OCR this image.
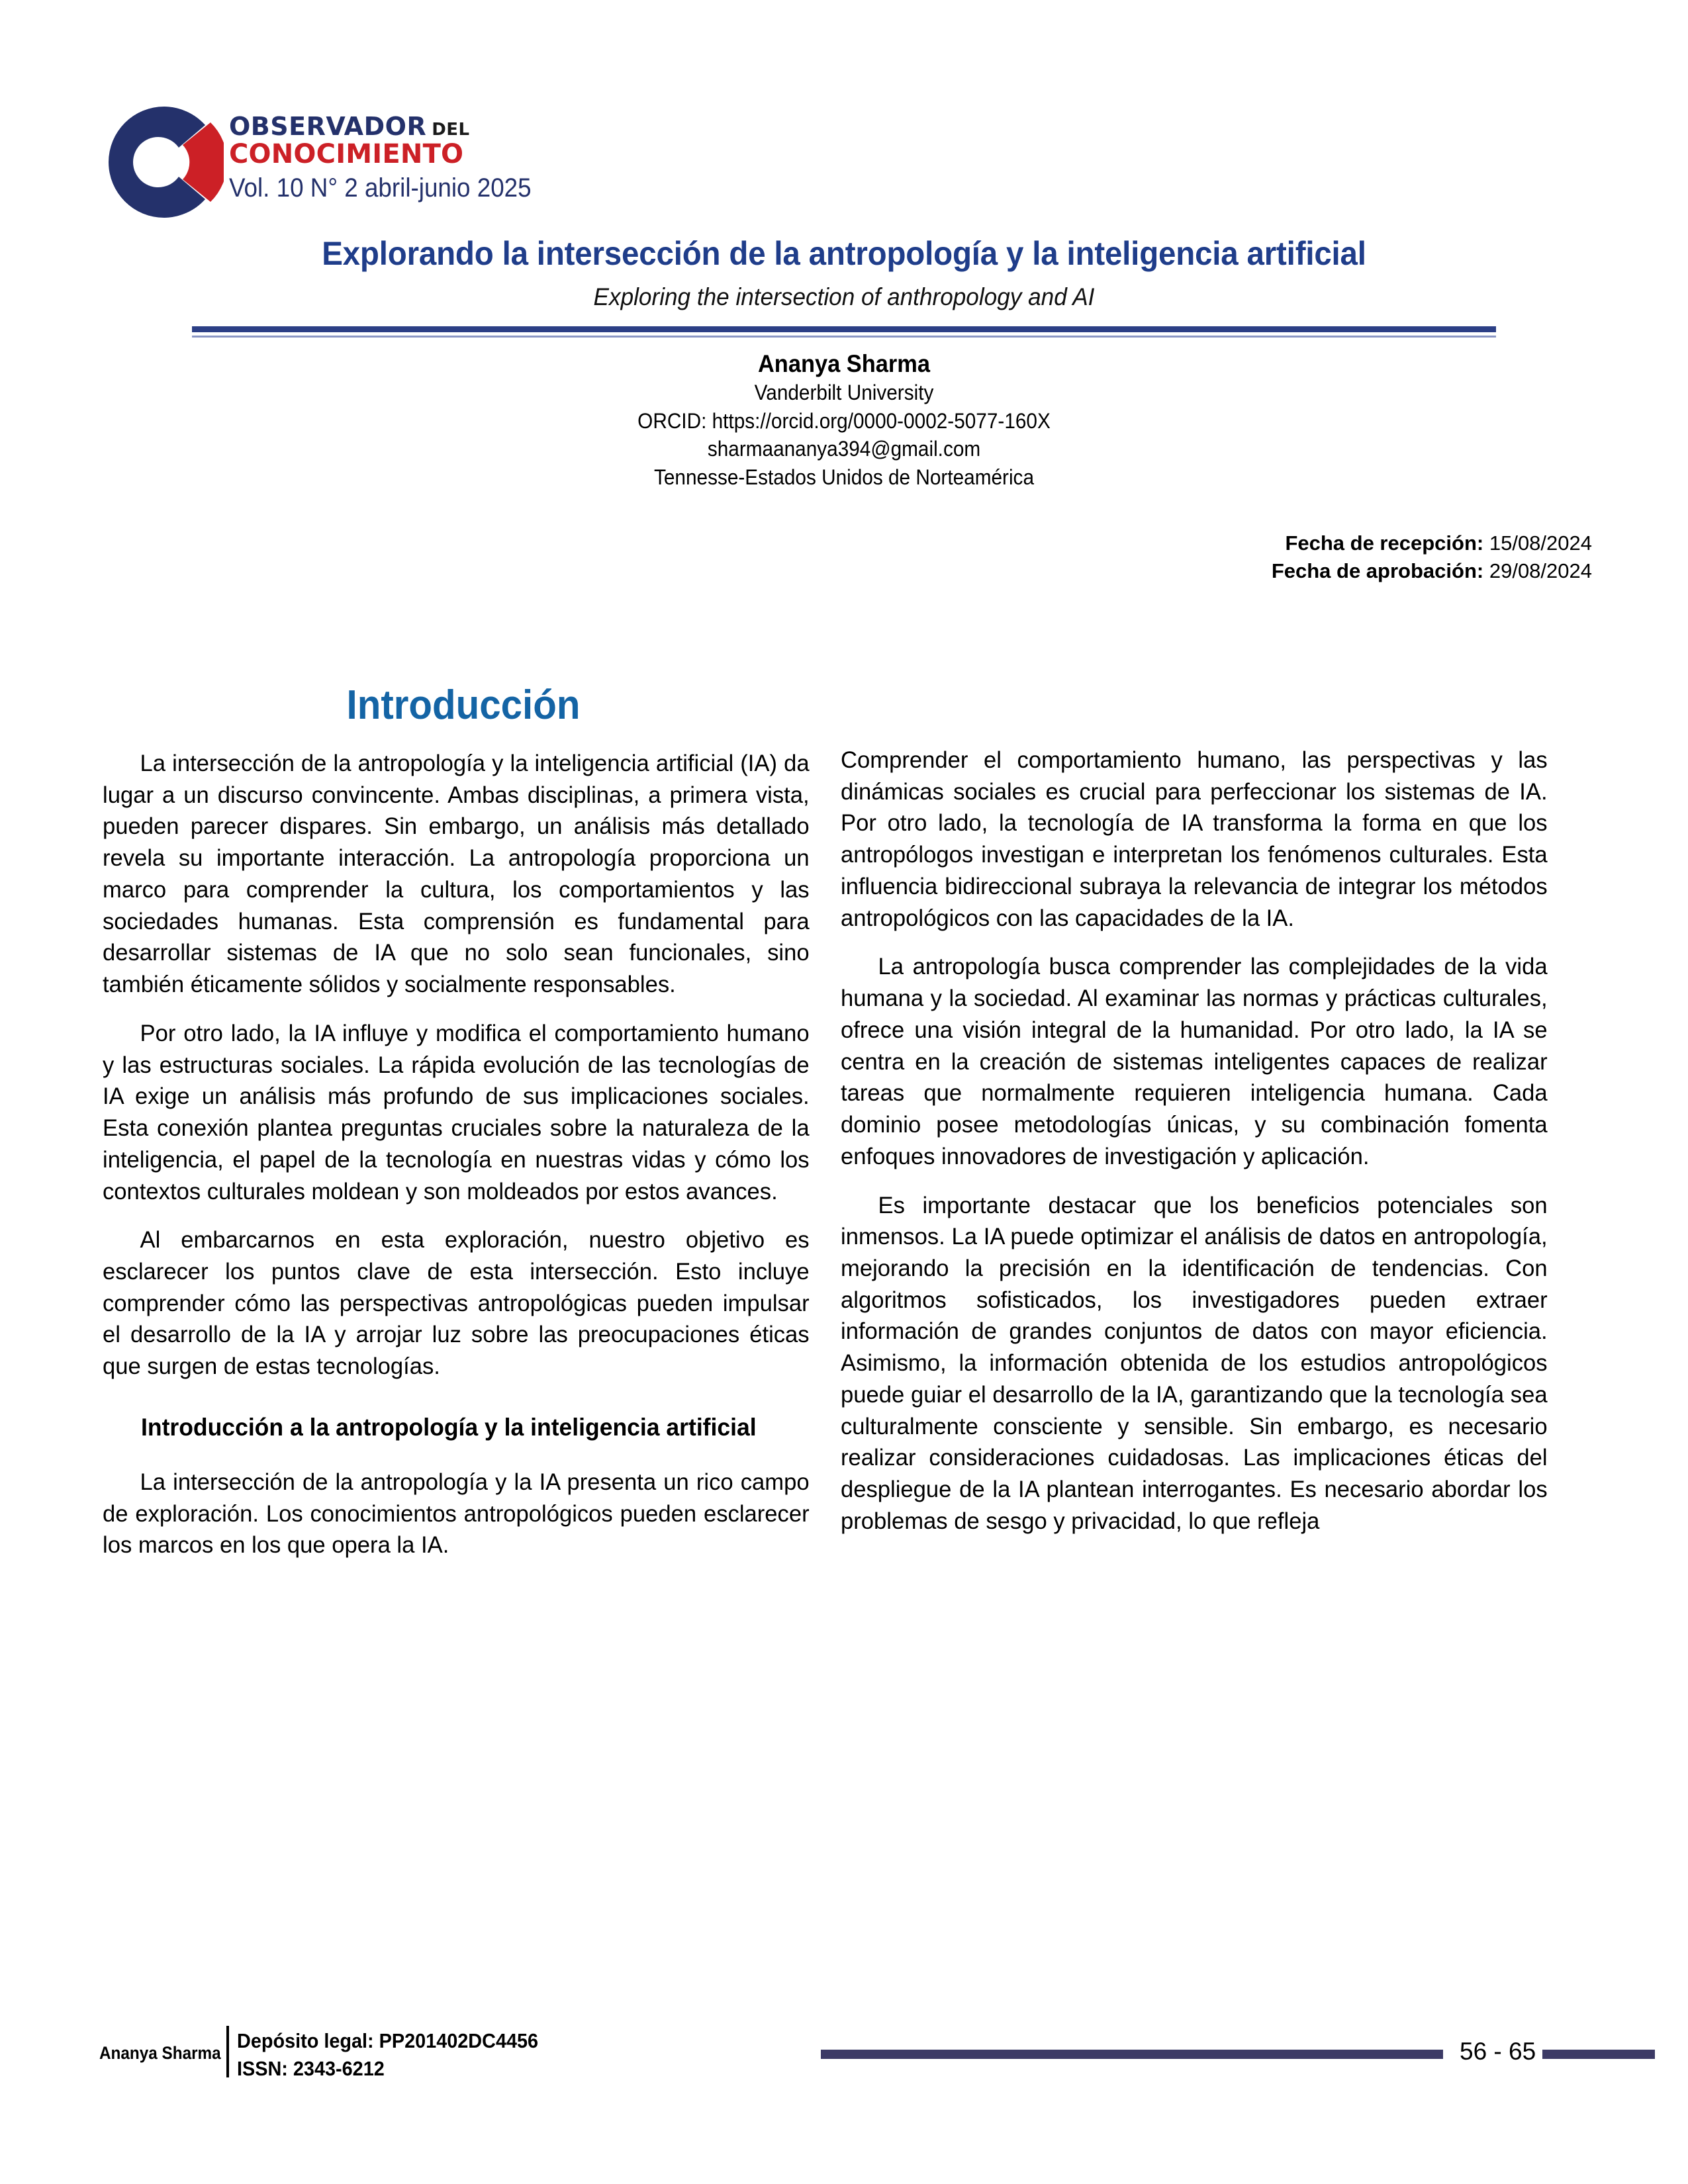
OBSERVADOR DEL
CONOCIMIENTO
Vol. 10 N° 2 abril-junio 2025
Explorando la intersección de la antropología y la inteligencia artificial
Exploring the intersection of anthropology and AI
Ananya Sharma
Vanderbilt University
ORCID: https://orcid.org/0000-0002-5077-160X
sharmaananya394@gmail.com
Tennesse-Estados Unidos de Norteamérica
Fecha de recepción: 15/08/2024
Fecha de aprobación: 29/08/2024
Introducción

La intersección de la antropología y la inteligencia artificial (IA) da lugar a un discurso convincente. Ambas disciplinas, a primera vista, pueden parecer dispares. Sin embargo, un análisis más detallado revela su importante interacción. La antropología proporciona un marco para comprender la cultura, los comportamientos y las sociedades humanas. Esta comprensión es fundamental para desarrollar sistemas de IA que no solo sean funcionales, sino también éticamente sólidos y socialmente responsables.

Por otro lado, la IA influye y modifica el comportamiento humano y las estructuras sociales. La rápida evolución de las tecnologías de IA exige un análisis más profundo de sus implicaciones sociales. Esta conexión plantea preguntas cruciales sobre la naturaleza de la inteligencia, el papel de la tecnología en nuestras vidas y cómo los contextos culturales moldean y son moldeados por estos avances.

Al embarcarnos en esta exploración, nuestro objetivo es esclarecer los puntos clave de esta intersección. Esto incluye comprender cómo las perspectivas antropológicas pueden impulsar el desarrollo de la IA y arrojar luz sobre las preocupaciones éticas que surgen de estas tecnologías.

Introducción a la antropología y la inteligencia artificial

La intersección de la antropología y la IA presenta un rico campo de exploración. Los conocimientos antropológicos pueden esclarecer los marcos en los que opera la IA.

Comprender el comportamiento humano, las perspectivas y las dinámicas sociales es crucial para perfeccionar los sistemas de IA. Por otro lado, la tecnología de IA transforma la forma en que los antropólogos investigan e interpretan los fenómenos culturales. Esta influencia bidireccional subraya la relevancia de integrar los métodos antropológicos con las capacidades de la IA.

La antropología busca comprender las complejidades de la vida humana y la sociedad. Al examinar las normas y prácticas culturales, ofrece una visión integral de la humanidad. Por otro lado, la IA se centra en la creación de sistemas inteligentes capaces de realizar tareas que normalmente requieren inteligencia humana. Cada dominio posee metodologías únicas, y su combinación fomenta enfoques innovadores de investigación y aplicación.

Es importante destacar que los beneficios potenciales son inmensos. La IA puede optimizar el análisis de datos en antropología, mejorando la precisión en la identificación de tendencias. Con algoritmos sofisticados, los investigadores pueden extraer información de grandes conjuntos de datos con mayor eficiencia. Asimismo, la información obtenida de los estudios antropológicos puede guiar el desarrollo de la IA, garantizando que la tecnología sea culturalmente consciente y sensible. Sin embargo, es necesario realizar consideraciones cuidadosas. Las implicaciones éticas del despliegue de la IA plantean interrogantes. Es necesario abordar los problemas de sesgo y privacidad, lo que refleja

Ananya Sharma
Depósito legal: PP201402DC4456
ISSN: 2343-6212
56 - 65
